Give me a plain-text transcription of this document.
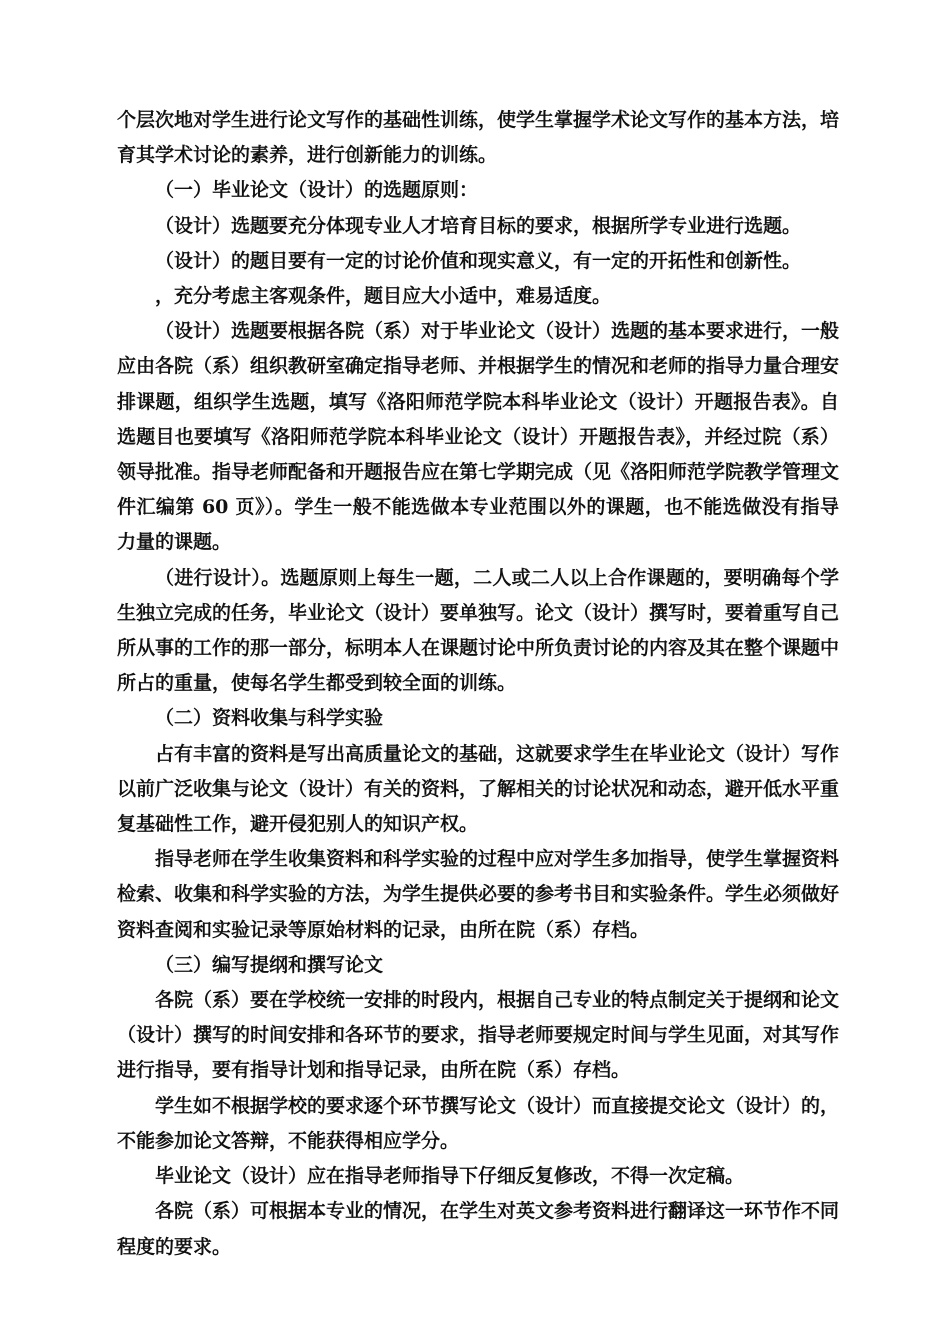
个层次地对学生进行论文写作的基础性训练，使学生掌握学术论文写作的基本方法，培育其学术讨论的素养，进行创新能力的训练。

（一）毕业论文（设计）的选题原则：

（设计）选题要充分体现专业人才培育目标的要求，根据所学专业进行选题。

（设计）的题目要有一定的讨论价值和现实意义，有一定的开拓性和创新性。

，充分考虑主客观条件，题目应大小适中，难易适度。

（设计）选题要根据各院（系）对于毕业论文（设计）选题的基本要求进行，一般应由各院（系）组织教研室确定指导老师、并根据学生的情况和老师的指导力量合理安排课题，组织学生选题，填写《洛阳师范学院本科毕业论文（设计）开题报告表》。自选题目也要填写《洛阳师范学院本科毕业论文（设计）开题报告表》，并经过院（系）领导批准。指导老师配备和开题报告应在第七学期完成（见《洛阳师范学院教学管理文件汇编第 60 页》）。学生一般不能选做本专业范围以外的课题，也不能选做没有指导力量的课题。

（进行设计）。选题原则上每生一题，二人或二人以上合作课题的，要明确每个学生独立完成的任务，毕业论文（设计）要单独写。论文（设计）撰写时，要着重写自己所从事的工作的那一部分，标明本人在课题讨论中所负责讨论的内容及其在整个课题中所占的重量，使每名学生都受到较全面的训练。

（二）资料收集与科学实验

占有丰富的资料是写出高质量论文的基础，这就要求学生在毕业论文（设计）写作以前广泛收集与论文（设计）有关的资料，了解相关的讨论状况和动态，避开低水平重复基础性工作，避开侵犯别人的知识产权。

指导老师在学生收集资料和科学实验的过程中应对学生多加指导，使学生掌握资料检索、收集和科学实验的方法，为学生提供必要的参考书目和实验条件。学生必须做好资料查阅和实验记录等原始材料的记录，由所在院（系）存档。

（三）编写提纲和撰写论文

各院（系）要在学校统一安排的时段内，根据自己专业的特点制定关于提纲和论文（设计）撰写的时间安排和各环节的要求，指导老师要规定时间与学生见面，对其写作进行指导，要有指导计划和指导记录，由所在院（系）存档。

学生如不根据学校的要求逐个环节撰写论文（设计）而直接提交论文（设计）的，不能参加论文答辩，不能获得相应学分。

毕业论文（设计）应在指导老师指导下仔细反复修改，不得一次定稿。

各院（系）可根据本专业的情况，在学生对英文参考资料进行翻译这一环节作不同程度的要求。
